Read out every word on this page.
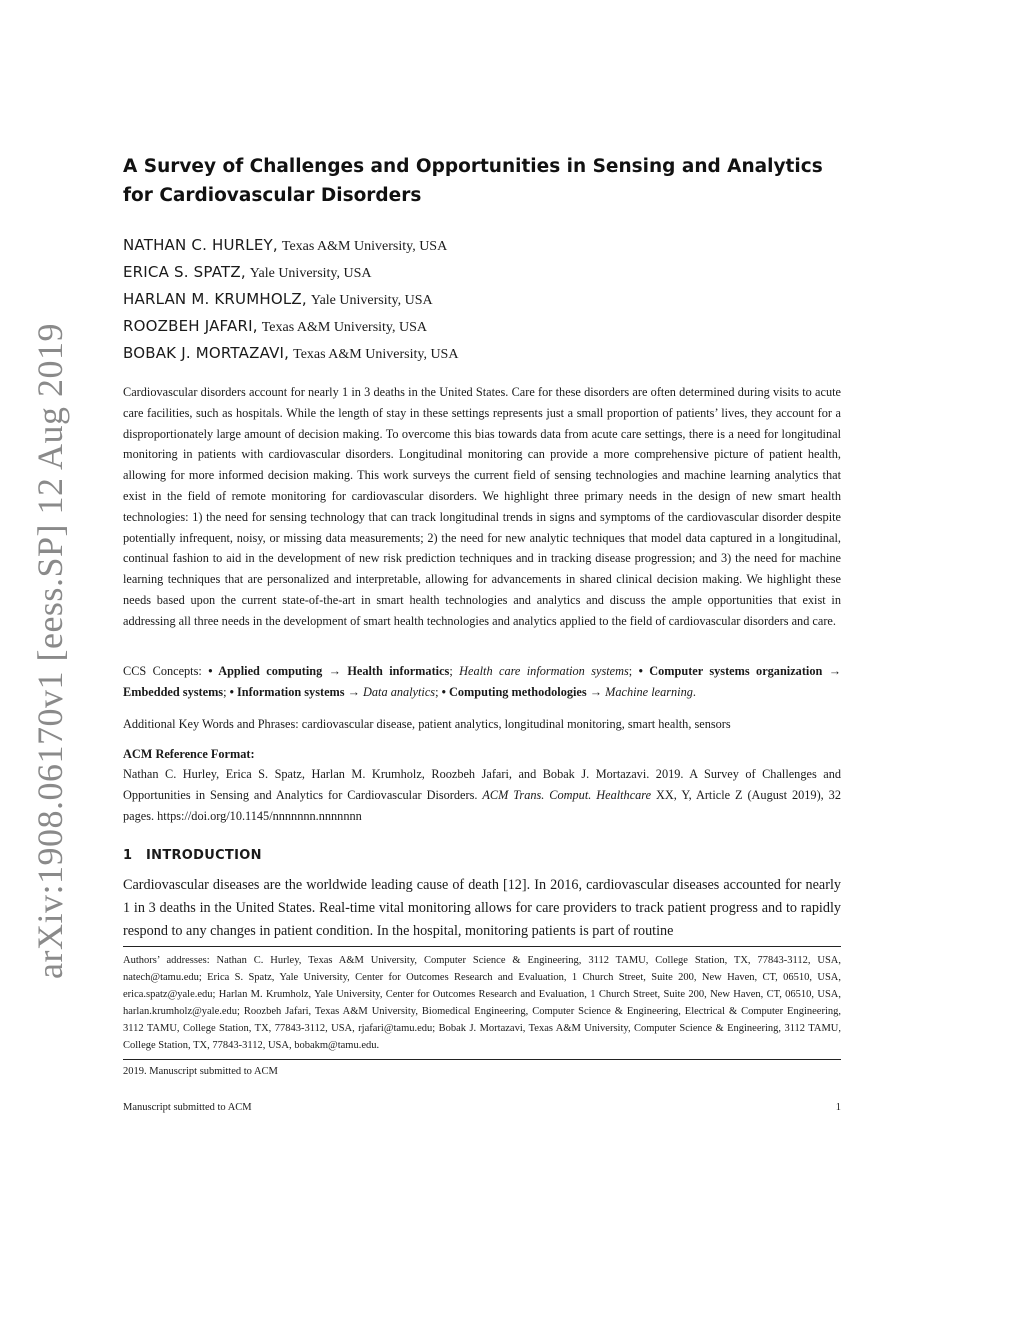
arXiv:1908.06170v1 [eess.SP] 12 Aug 2019
A Survey of Challenges and Opportunities in Sensing and Analytics for Cardiovascular Disorders
NATHAN C. HURLEY, Texas A&M University, USA
ERICA S. SPATZ, Yale University, USA
HARLAN M. KRUMHOLZ, Yale University, USA
ROOZBEH JAFARI, Texas A&M University, USA
BOBAK J. MORTAZAVI, Texas A&M University, USA

Cardiovascular disorders account for nearly 1 in 3 deaths in the United States. Care for these disorders are often determined during visits to acute care facilities, such as hospitals. While the length of stay in these settings represents just a small proportion of patients’ lives, they account for a disproportionately large amount of decision making. To overcome this bias towards data from acute care settings, there is a need for longitudinal monitoring in patients with cardiovascular disorders. Longitudinal monitoring can provide a more comprehensive picture of patient health, allowing for more informed decision making. This work surveys the current field of sensing technologies and machine learning analytics that exist in the field of remote monitoring for cardiovascular disorders. We highlight three primary needs in the design of new smart health technologies: 1) the need for sensing technology that can track longitudinal trends in signs and symptoms of the cardiovascular disorder despite potentially infrequent, noisy, or missing data measurements; 2) the need for new analytic techniques that model data captured in a longitudinal, continual fashion to aid in the development of new risk prediction techniques and in tracking disease progression; and 3) the need for machine learning techniques that are personalized and interpretable, allowing for advancements in shared clinical decision making. We highlight these needs based upon the current state-of-the-art in smart health technologies and analytics and discuss the ample opportunities that exist in addressing all three needs in the development of smart health technologies and analytics applied to the field of cardiovascular disorders and care.

CCS Concepts: • Applied computing → Health informatics; Health care information systems; • Computer systems organization → Embedded systems; • Information systems → Data analytics; • Computing methodologies → Machine learning.

Additional Key Words and Phrases: cardiovascular disease, patient analytics, longitudinal monitoring, smart health, sensors

ACM Reference Format:

Nathan C. Hurley, Erica S. Spatz, Harlan M. Krumholz, Roozbeh Jafari, and Bobak J. Mortazavi. 2019. A Survey of Challenges and Opportunities in Sensing and Analytics for Cardiovascular Disorders. ACM Trans. Comput. Healthcare XX, Y, Article Z (August 2019), 32 pages. https://doi.org/10.1145/nnnnnnn.nnnnnnn

1	INTRODUCTION

Cardiovascular diseases are the worldwide leading cause of death [12]. In 2016, cardiovascular diseases accounted for nearly 1 in 3 deaths in the United States. Real-time vital monitoring allows for care providers to track patient progress and to rapidly respond to any changes in patient condition. In the hospital, monitoring patients is part of routine

Authors’ addresses: Nathan C. Hurley, Texas A&M University, Computer Science & Engineering, 3112 TAMU, College Station, TX, 77843-3112, USA, natech@tamu.edu; Erica S. Spatz, Yale University, Center for Outcomes Research and Evaluation, 1 Church Street, Suite 200, New Haven, CT, 06510, USA, erica.spatz@yale.edu; Harlan M. Krumholz, Yale University, Center for Outcomes Research and Evaluation, 1 Church Street, Suite 200, New Haven, CT, 06510, USA, harlan.krumholz@yale.edu; Roozbeh Jafari, Texas A&M University, Biomedical Engineering, Computer Science & Engineering, Electrical & Computer Engineering, 3112 TAMU, College Station, TX, 77843-3112, USA, rjafari@tamu.edu; Bobak J. Mortazavi, Texas A&M University, Computer Science & Engineering, 3112 TAMU, College Station, TX, 77843-3112, USA, bobakm@tamu.edu.

2019. Manuscript submitted to ACM

Manuscript submitted to ACM	1
